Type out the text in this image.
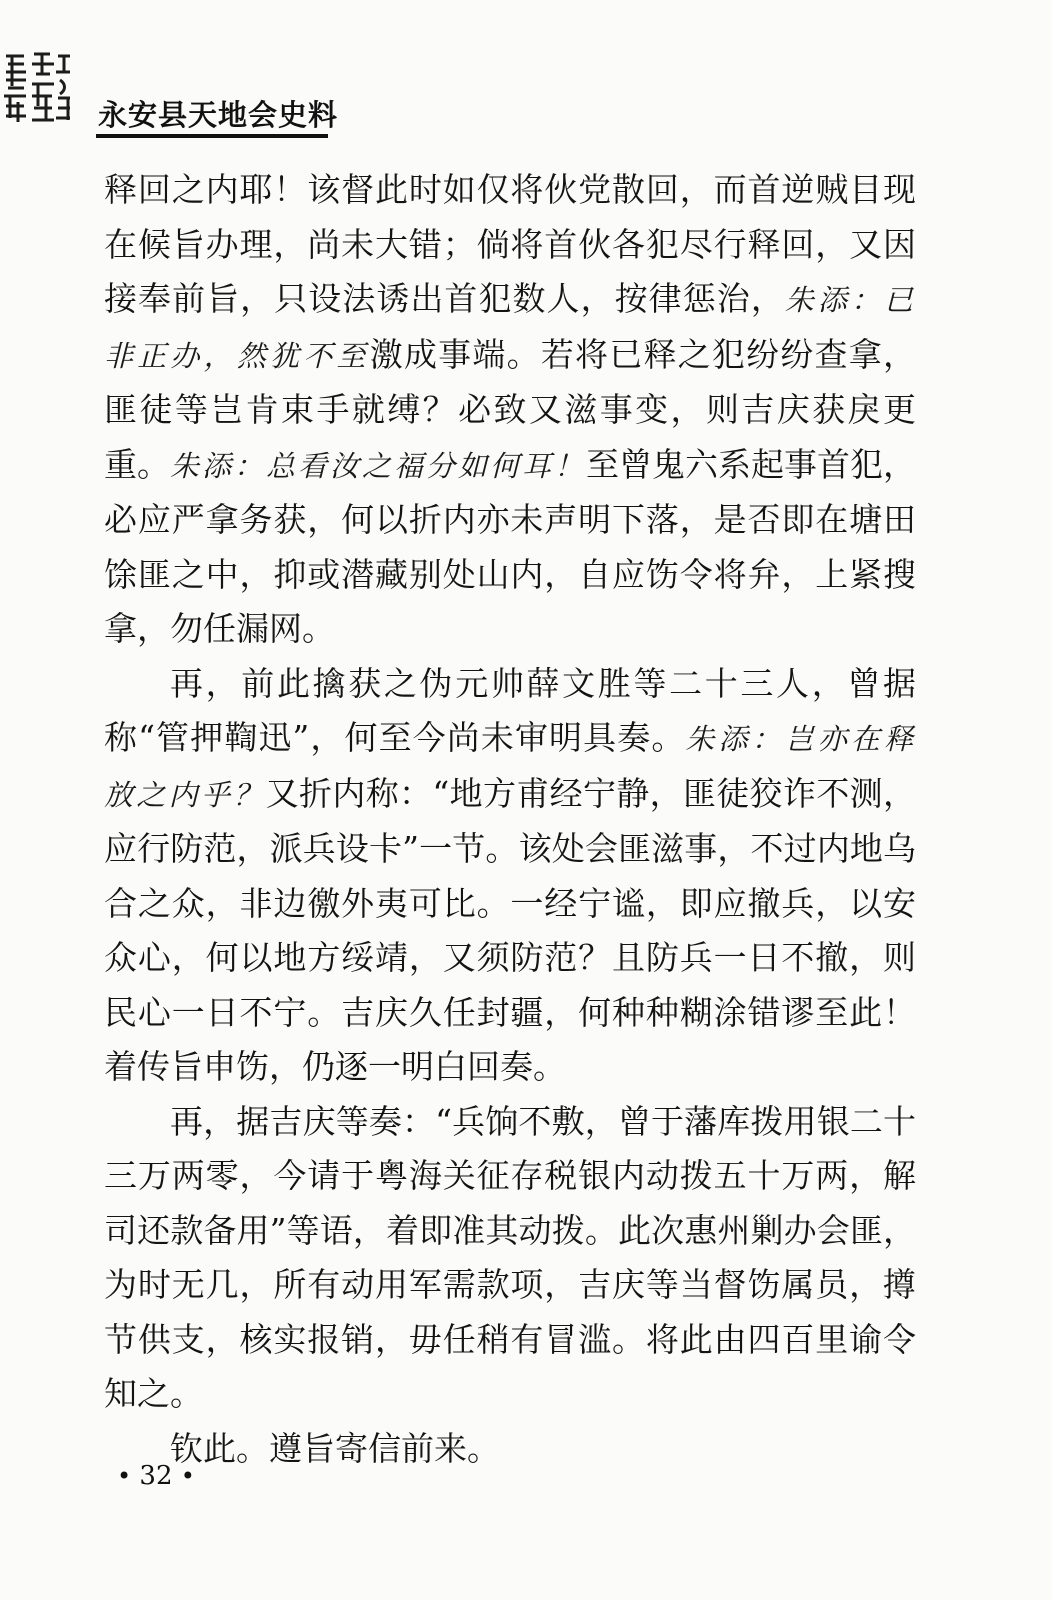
永安县天地会史料

释回之内耶！该督此时如仅将伙党散回，而首逆贼目现在候旨办理，尚未大错；倘将首伙各犯尽行释回，又因接奉前旨，只设法诱出首犯数人，按律惩治，朱添：已非正办，然犹不至激成事端。若将已释之犯纷纷查拿，匪徒等岂肯束手就缚？必致又滋事变，则吉庆获戾更重。朱添：总看汝之福分如何耳！至曾鬼六系起事首犯，必应严拿务获，何以折内亦未声明下落，是否即在塘田馀匪之中，抑或潜藏别处山内，自应饬令将弁，上紧搜拿，勿任漏网。

再，前此擒获之伪元帅薛文胜等二十三人，曾据称“管押鞫迅”，何至今尚未审明具奏。朱添：岂亦在释放之内乎？又折内称：“地方甫经宁静，匪徒狡诈不测，应行防范，派兵设卡”一节。该处会匪滋事，不过内地乌合之众，非边徼外夷可比。一经宁谧，即应撤兵，以安众心，何以地方绥靖，又须防范？且防兵一日不撤，则民心一日不宁。吉庆久任封疆，何种种糊涂错谬至此！着传旨申饬，仍逐一明白回奏。

再，据吉庆等奏：“兵饷不敷，曾于藩库拨用银二十三万两零，今请于粤海关征存税银内动拨五十万两，解司还款备用”等语，着即准其动拨。此次惠州剿办会匪，为时无几，所有动用军需款项，吉庆等当督饬属员，撙节供支，核实报销，毋任稍有冒滥。将此由四百里谕令知之。

钦此。遵旨寄信前来。

• 32 •
